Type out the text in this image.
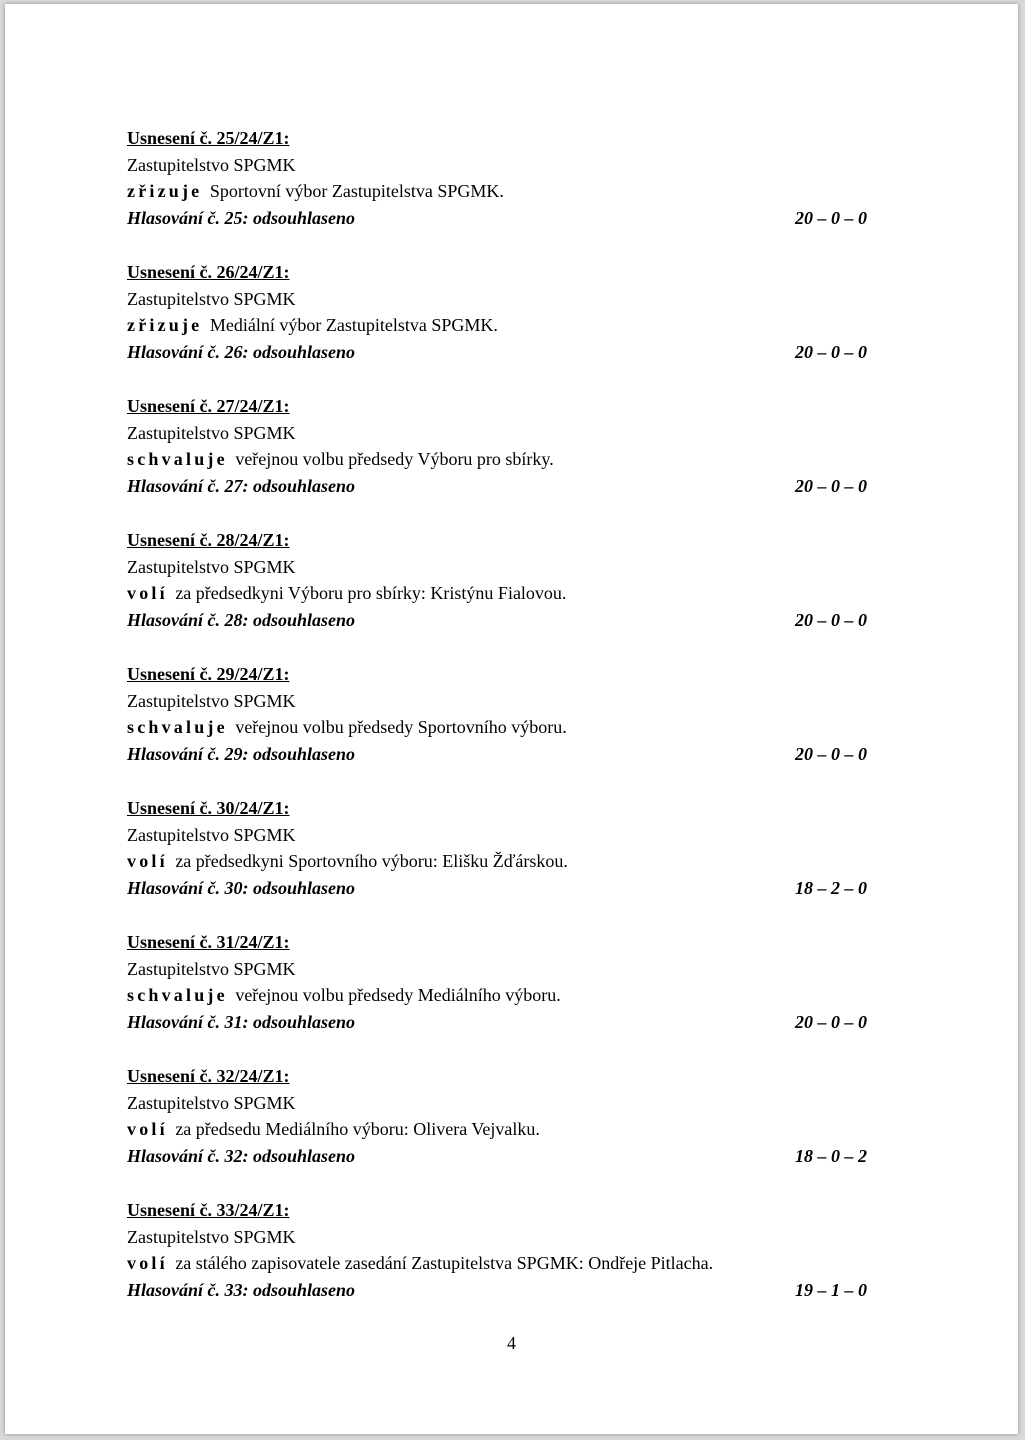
Usnesení č. 25/24/Z1:
Zastupitelstvo SPGMK
zřizuje Sportovní výbor Zastupitelstva SPGMK.
Hlasování č. 25: odsouhlaseno	20 – 0 – 0
Usnesení č. 26/24/Z1:
Zastupitelstvo SPGMK
zřizuje Mediální výbor Zastupitelstva SPGMK.
Hlasování č. 26: odsouhlaseno	20 – 0 – 0
Usnesení č. 27/24/Z1:
Zastupitelstvo SPGMK
schvaluje veřejnou volbu předsedy Výboru pro sbírky.
Hlasování č. 27: odsouhlaseno	20 – 0 – 0
Usnesení č. 28/24/Z1:
Zastupitelstvo SPGMK
volí za předsedkyni Výboru pro sbírky: Kristýnu Fialovou.
Hlasování č. 28: odsouhlaseno	20 – 0 – 0
Usnesení č. 29/24/Z1:
Zastupitelstvo SPGMK
schvaluje veřejnou volbu předsedy Sportovního výboru.
Hlasování č. 29: odsouhlaseno	20 – 0 – 0
Usnesení č. 30/24/Z1:
Zastupitelstvo SPGMK
volí za předsedkyni Sportovního výboru: Elišku Žďárskou.
Hlasování č. 30: odsouhlaseno	18 – 2 – 0
Usnesení č. 31/24/Z1:
Zastupitelstvo SPGMK
schvaluje veřejnou volbu předsedy Mediálního výboru.
Hlasování č. 31: odsouhlaseno	20 – 0 – 0
Usnesení č. 32/24/Z1:
Zastupitelstvo SPGMK
volí za předsedu Mediálního výboru: Olivera Vejvalku.
Hlasování č. 32: odsouhlaseno	18 – 0 – 2
Usnesení č. 33/24/Z1:
Zastupitelstvo SPGMK
volí za stálého zapisovatele zasedání Zastupitelstva SPGMK: Ondřeje Pitlacha.
Hlasování č. 33: odsouhlaseno	19 – 1 – 0
4
